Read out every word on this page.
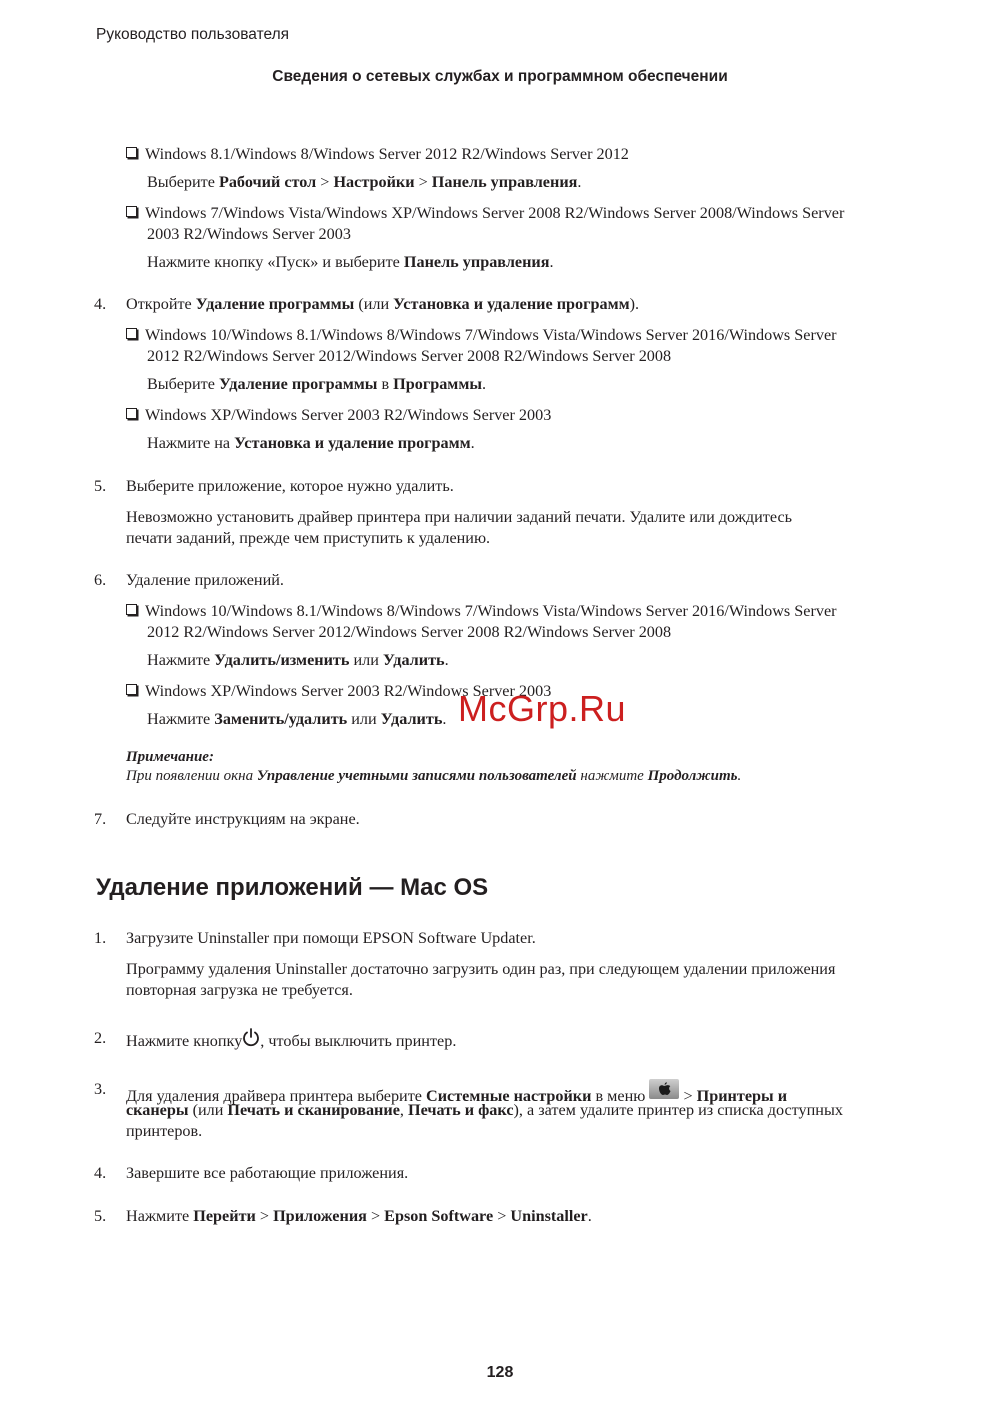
Руководство пользователя
Сведения о сетевых службах и программном обеспечении
Windows 8.1/Windows 8/Windows Server 2012 R2/Windows Server 2012
Выберите Рабочий стол > Настройки > Панель управления.
Windows 7/Windows Vista/Windows XP/Windows Server 2008 R2/Windows Server 2008/Windows Server
2003 R2/Windows Server 2003
Нажмите кнопку «Пуск» и выберите Панель управления.
4. Откройте Удаление программы (или Установка и удаление программ).
Windows 10/Windows 8.1/Windows 8/Windows 7/Windows Vista/Windows Server 2016/Windows Server
2012 R2/Windows Server 2012/Windows Server 2008 R2/Windows Server 2008
Выберите Удаление программы в Программы.
Windows XP/Windows Server 2003 R2/Windows Server 2003
Нажмите на Установка и удаление программ.
5. Выберите приложение, которое нужно удалить.
Невозможно установить драйвер принтера при наличии заданий печати. Удалите или дождитесь
печати заданий, прежде чем приступить к удалению.
6. Удаление приложений.
Windows 10/Windows 8.1/Windows 8/Windows 7/Windows Vista/Windows Server 2016/Windows Server
2012 R2/Windows Server 2012/Windows Server 2008 R2/Windows Server 2008
Нажмите Удалить/изменить или Удалить.
Windows XP/Windows Server 2003 R2/Windows Server 2003
Нажмите Заменить/удалить или Удалить. McGrp.Ru
Примечание:
При появлении окна Управление учетными записями пользователей нажмите Продолжить.
7. Следуйте инструкциям на экране.
Удаление приложений — Mac OS
1. Загрузите Uninstaller при помощи EPSON Software Updater.
Программу удаления Uninstaller достаточно загрузить один раз, при следующем удалении приложения
повторная загрузка не требуется.
2. Нажмите кнопку , чтобы выключить принтер.
3. Для удаления драйвера принтера выберите Системные настройки в меню
> Принтеры и
сканеры (или Печать и сканирование, Печать и факс), а затем удалите принтер из списка доступных
принтеров.
4. Завершите все работающие приложения.
5. Нажмите Перейти > Приложения > Epson Software > Uninstaller.
128
